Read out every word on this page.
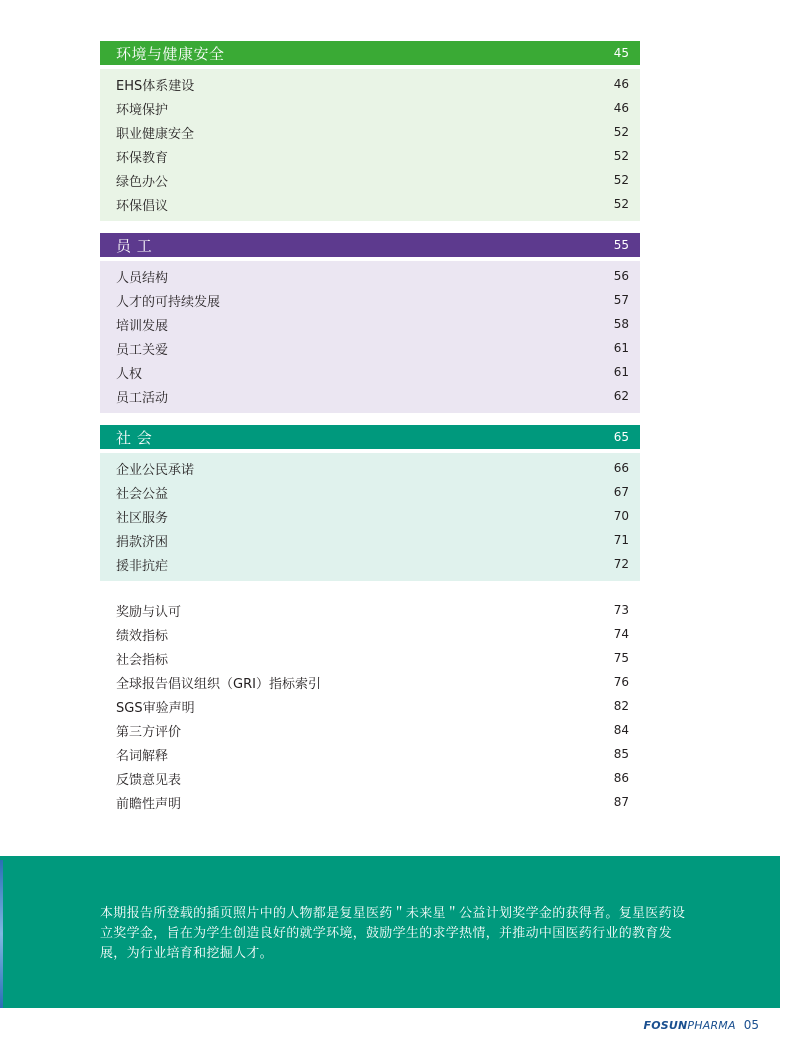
环境与健康安全	45
EHS体系建设	46
环境保护	46
职业健康安全	52
环保教育	52
绿色办公	52
环保倡议	52
员 工	55
人员结构	56
人才的可持续发展	57
培训发展	58
员工关爱	61
人权	61
员工活动	62
社 会	65
企业公民承诺	66
社会公益	67
社区服务	70
捐款济困	71
援非抗疟	72
奖励与认可	73
绩效指标	74
社会指标	75
全球报告倡议组织（GRI）指标索引	76
SGS审验声明	82
第三方评价	84
名词解释	85
反馈意见表	86
前瞻性声明	87
本期报告所登载的插页照片中的人物都是复星医药＂未来星＂公益计划奖学金的获得者。复星医药设立奖学金，旨在为学生创造良好的就学环境，鼓励学生的求学热情，并推动中国医药行业的教育发展，为行业培育和挖掘人才。
FOSUNPHARMA 05
